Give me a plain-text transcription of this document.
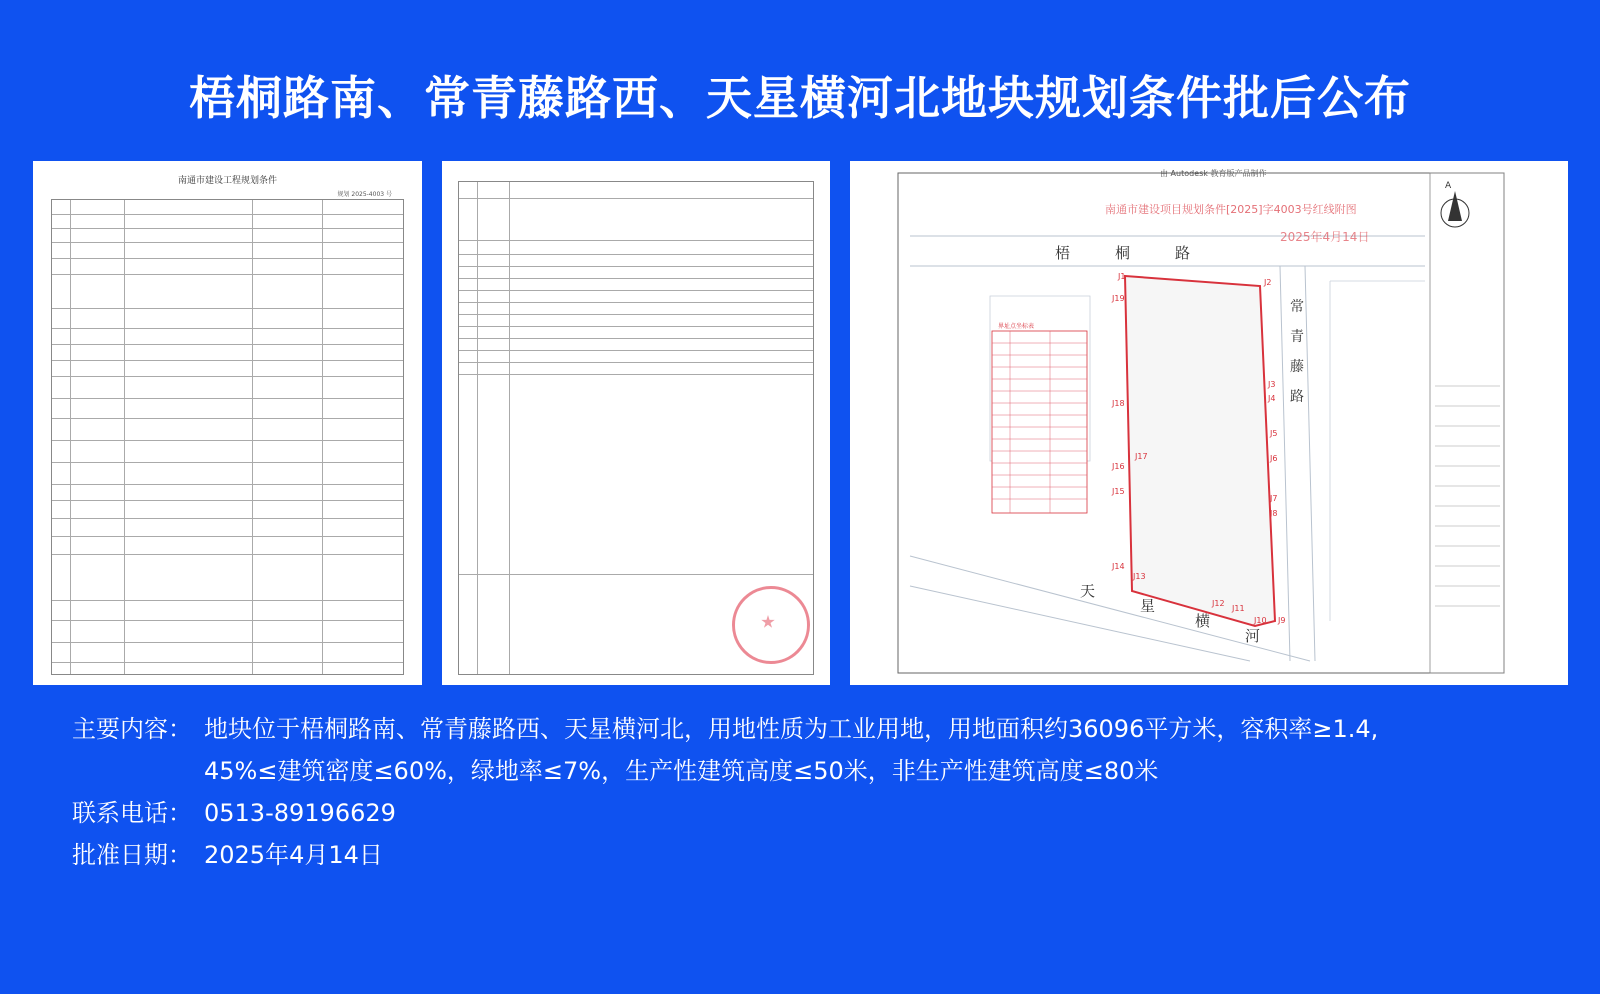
梧桐路南、常青藤路西、天星横河北地块规划条件批后公布
南通市建设工程规划条件
规划 2025-4003 号
由 Autodesk 教育版产品制作
南通市建设项目规划条件[2025]字4003号红线附图
2025年4月14日
A
界址点坐标表
梧	桐	路
常
青
藤
路
天
星
横
河
J1
J2
J3
J4
J5
J6
J7
J8
J9
J10
J11
J12
J13
J14
J15
J16
J17
J18
J19
主要内容： 地块位于梧桐路南、常青藤路西、天星横河北，用地性质为工业用地，用地面积约36096平方米，容积率≥1.4,
45%≤建筑密度≤60%，绿地率≤7%，生产性建筑高度≤50米，非生产性建筑高度≤80米
联系电话： 0513-89196629
批准日期： 2025年4月14日
